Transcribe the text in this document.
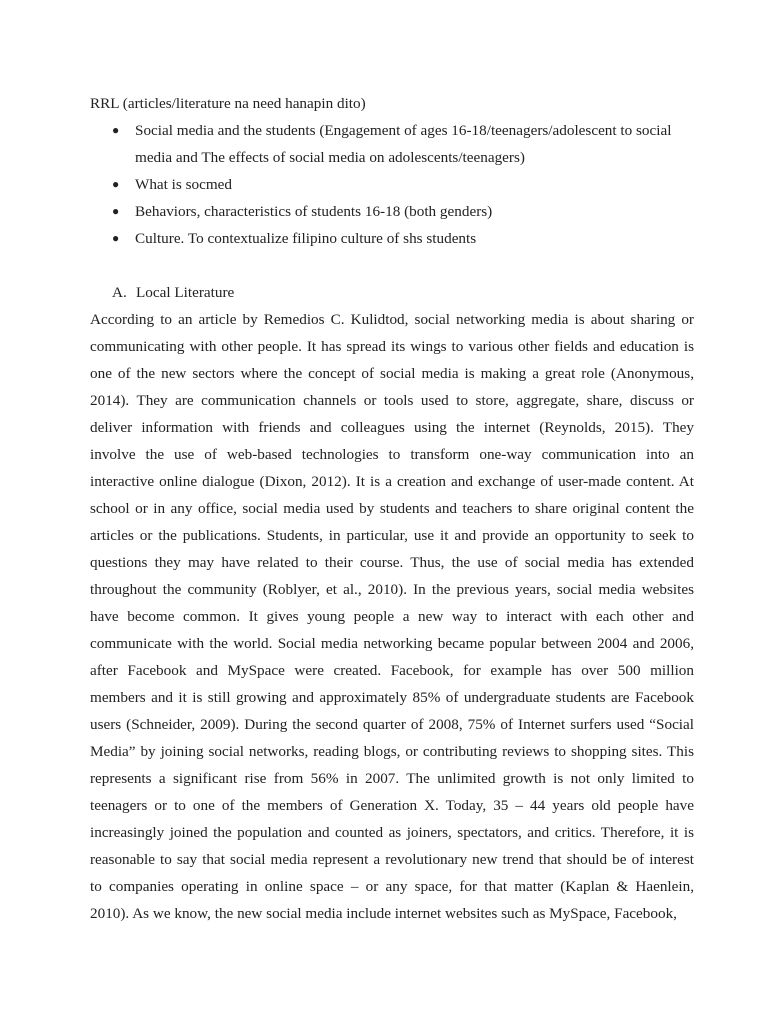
RRL (articles/literature na need hanapin dito)

● Social media and the students (Engagement of ages 16-18/teenagers/adolescent to social
media and The effects of social media on adolescents/teenagers)
● What is socmed
● Behaviors, characteristics of students 16-18 (both genders)
● Culture. To contextualize filipino culture of shs students
A. Local Literature
According to an article by Remedios C. Kulidtod, social networking media is about sharing or
communicating with other people. It has spread its wings to various other fields and education is
one of the new sectors where the concept of social media is making a great role (Anonymous,
2014). They are communication channels or tools used to store, aggregate, share, discuss or
deliver information with friends and colleagues using the internet (Reynolds, 2015). They
involve the use of web-based technologies to transform one-way communication into an
interactive online dialogue (Dixon, 2012). It is a creation and exchange of user-made content. At
school or in any office, social media used by students and teachers to share original content the
articles or the publications. Students, in particular, use it and provide an opportunity to seek to
questions they may have related to their course. Thus, the use of social media has extended
throughout the community (Roblyer, et al., 2010). In the previous years, social media websites
have become common. It gives young people a new way to interact with each other and
communicate with the world. Social media networking became popular between 2004 and 2006,
after Facebook and MySpace were created. Facebook, for example has over 500 million
members and it is still growing and approximately 85% of undergraduate students are Facebook
users (Schneider, 2009). During the second quarter of 2008, 75% of Internet surfers used “Social
Media” by joining social networks, reading blogs, or contributing reviews to shopping sites. This
represents a significant rise from 56% in 2007. The unlimited growth is not only limited to
teenagers or to one of the members of Generation X. Today, 35 – 44 years old people have
increasingly joined the population and counted as joiners, spectators, and critics. Therefore, it is
reasonable to say that social media represent a revolutionary new trend that should be of interest
to companies operating in online space – or any space, for that matter (Kaplan & Haenlein,
2010). As we know, the new social media include internet websites such as MySpace, Facebook,
